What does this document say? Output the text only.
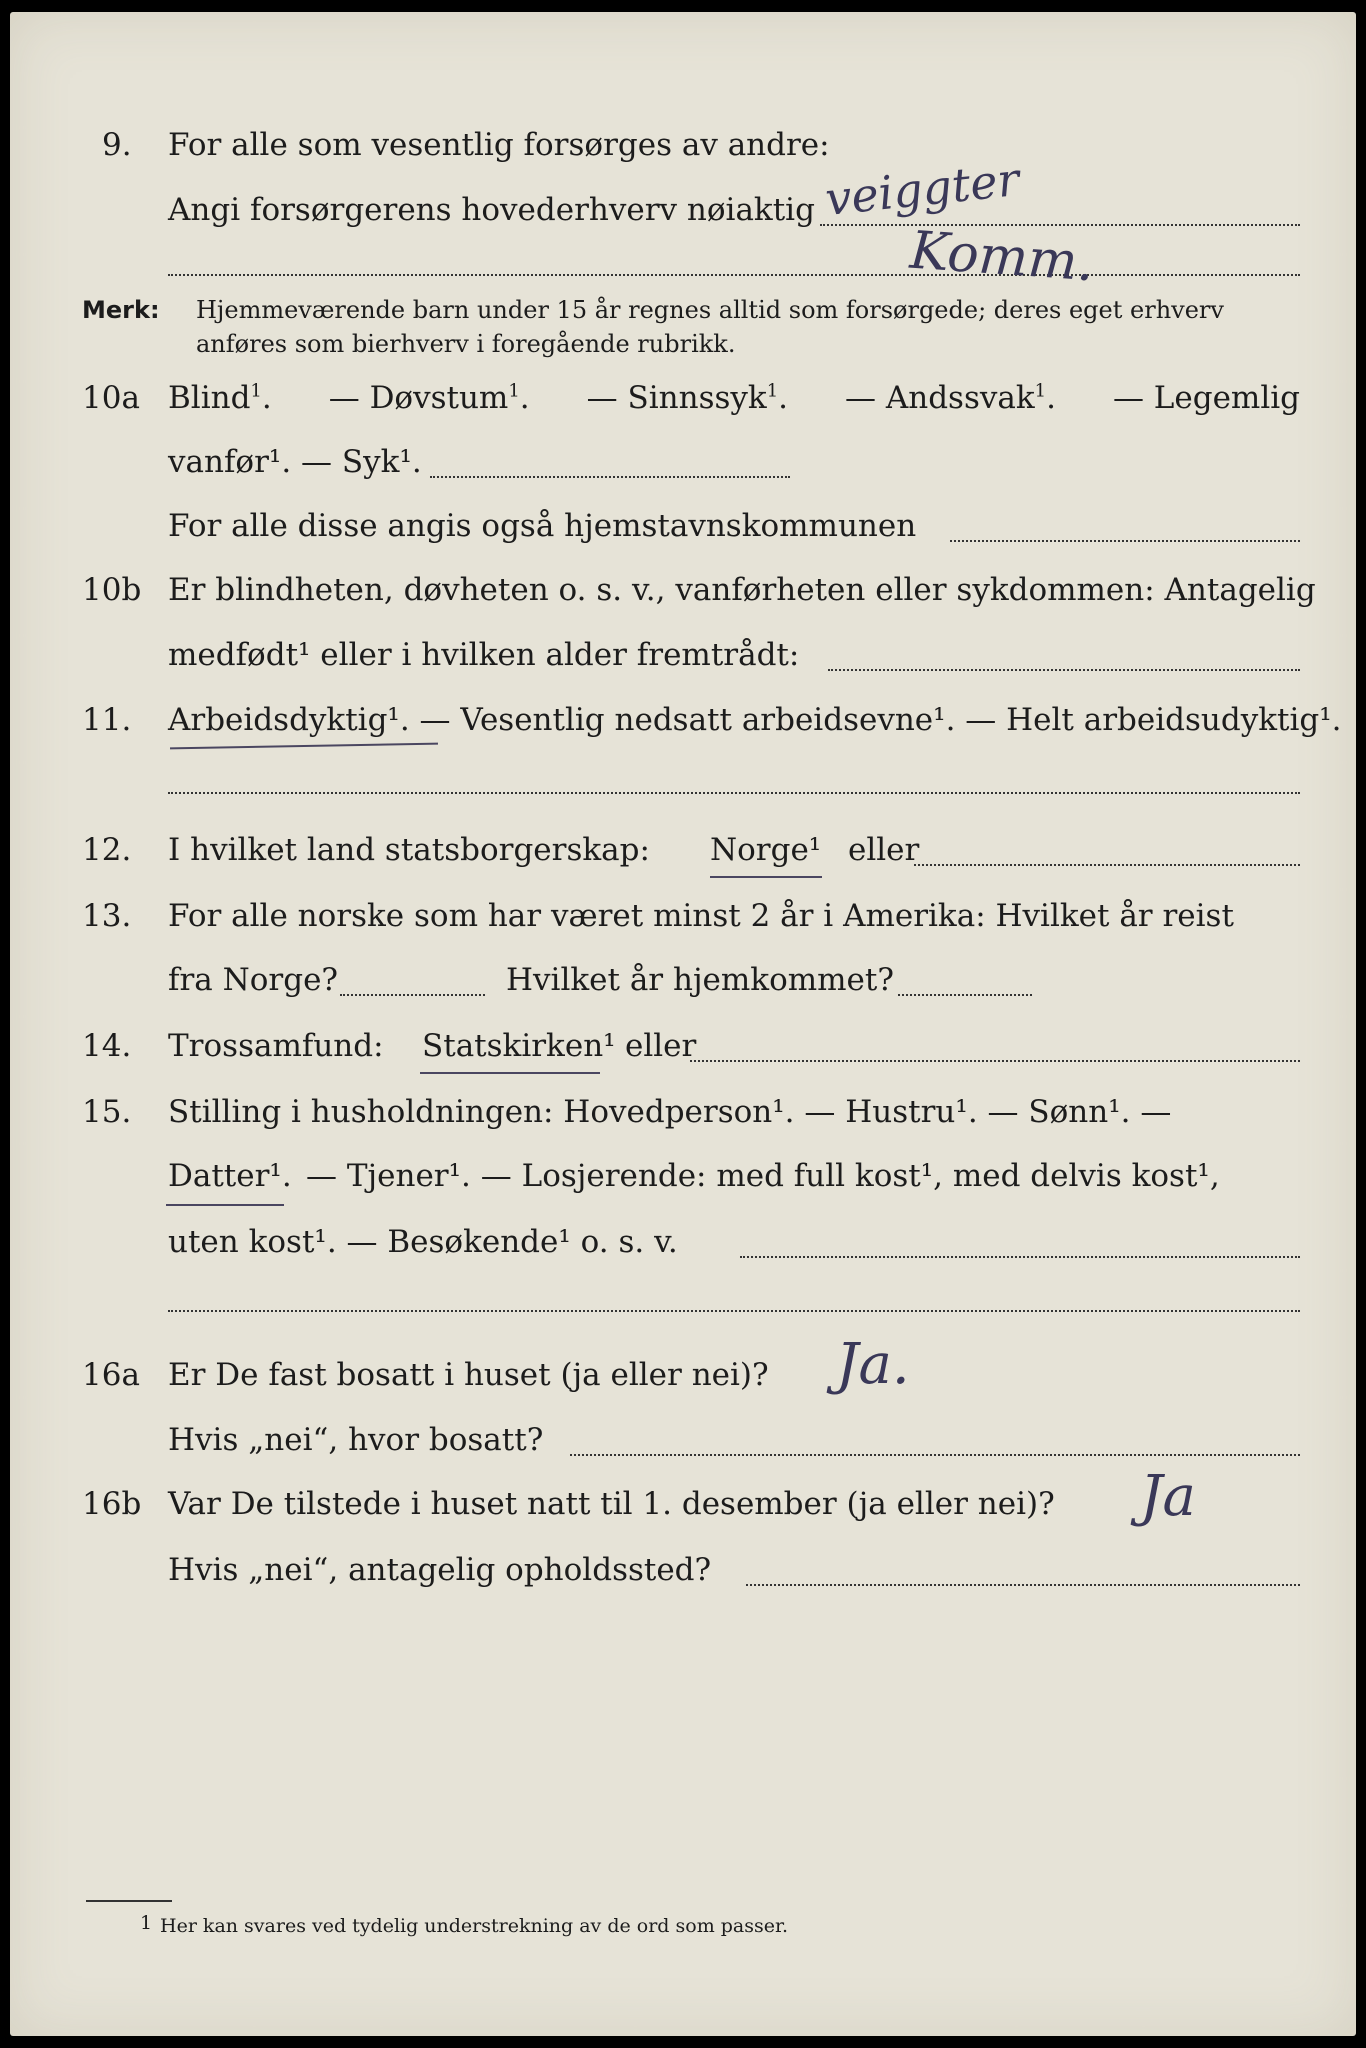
9. For alle som vesentlig forsørges av andre:
Angi forsørgerens hovederhverv nøiaktig veiggter
Komm.
Merk: Hjemmeværende barn under 15 år regnes alltid som forsørgede; deres eget erhverv
anføres som bierhverv i foregående rubrikk.
10a Blind$^1$. — Døvstum$^1$. — Sinnssyk$^1$. — Andssvak$^1$. — Legemlig
vanfør¹. — Syk¹.
For alle disse angis også hjemstavnskommunen
10b Er blindheten, døvheten o. s. v., vanførheten eller sykdommen: Antagelig
medfødt¹ eller i hvilken alder fremtrådt:
11. Arbeidsdyktig¹. — Vesentlig nedsatt arbeidsevne¹. — Helt arbeidsudyktig¹.
12. I hvilket land statsborgerskap: Norge¹ eller
13. For alle norske som har været minst 2 år i Amerika: Hvilket år reist
fra Norge?	Hvilket år hjemkommet?
14. Trossamfund: Statskirken¹ eller
15. Stilling i husholdningen: Hovedperson¹. — Hustru¹. — Sønn¹. —
Datter¹. — Tjener¹. — Losjerende: med full kost¹, med delvis kost¹,
uten kost¹. — Besøkende¹ o. s. v.
16a Er De fast bosatt i huset (ja eller nei)? Ja.
Hvis „nei“, hvor bosatt?
16b Var De tilstede i huset natt til 1. desember (ja eller nei)? Ja
Hvis „nei“, antagelig opholdssted?
1 Her kan svares ved tydelig understrekning av de ord som passer.
